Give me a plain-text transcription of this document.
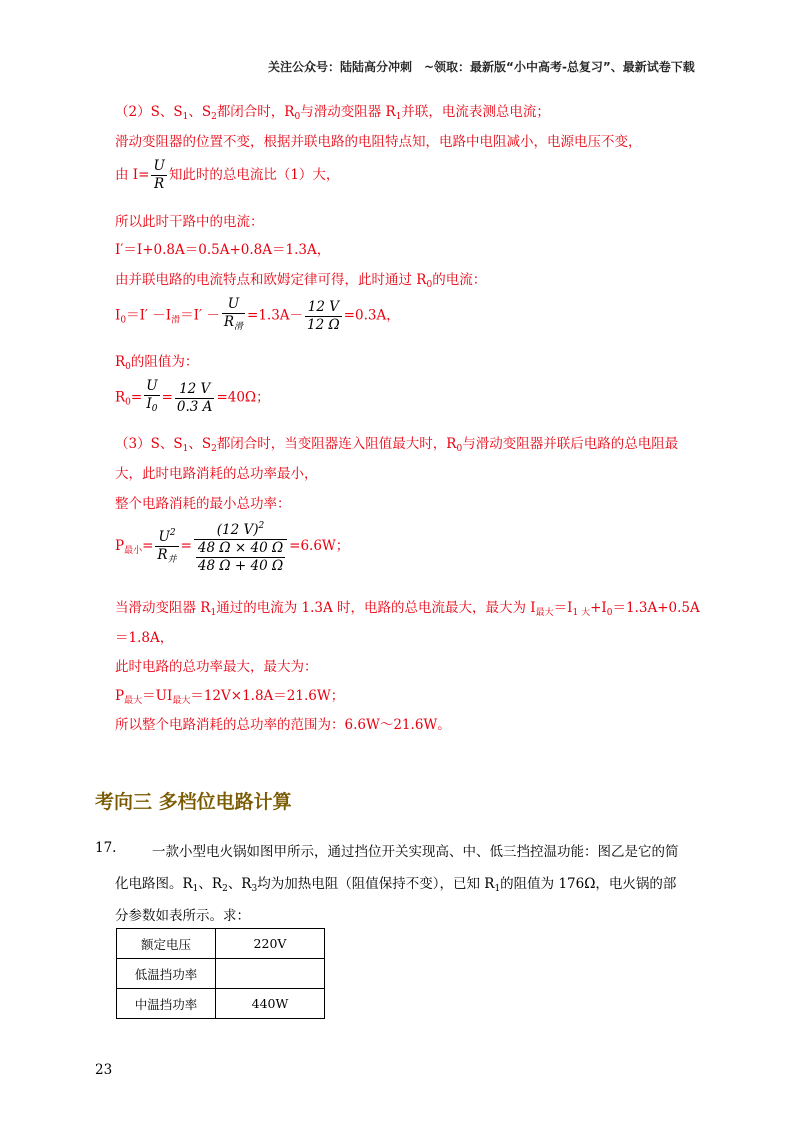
关注公众号：陆陆高分冲刺　~领取：最新版“小中高考-总复习”、最新试卷下载
（2）S、$S_1$、$S_2$都闭合时，$R_0$与滑动变阻器 $R_1$并联，电流表测总电流；
滑动变阻器的位置不变，根据并联电路的电阻特点知，电路中电阻减小，电源电压不变，
由 $I= \frac{U}{R}$ 知此时的总电流比（1）大，
所以此时干路中的电流：
I′＝I+0.8A＝0.5A+0.8A＝1.3A，
由并联电路的电流特点和欧姆定律可得，此时通过 $R_0$的电流：
$I_0=I' -I_滑=I' - \frac{U}{R_滑} =1.3A- \frac{12 V}{12 \Omega} =0.3A$，
$R_0$的阻值为：
$R_0= \frac{U}{I_0} = \frac{12 V}{0.3 A} =40\Omega$；
（3）S、$S_1$、$S_2$都闭合时，当变阻器连入阻值最大时，$R_0$与滑动变阻器并联后电路的总电阻最
大，此时电路消耗的总功率最小，
整个电路消耗的最小总功率：
$P_{最小}= \frac{U^2}{R_并} = \frac{(12 V)^2}{\frac{48 \Omega \times 40 \Omega}{48 \Omega + 40 \Omega}} =6.6W$；
当滑动变阻器 $R_1$通过的电流为 1.3A 时，电路的总电流最大，最大为 $I_{最大}=I_{1 大}+I_0=1.3A+0.5A$
＝1.8A，
此时电路的总功率最大，最大为：
$P_{最大}=UI_{最大}=12V\times 1.8A=21.6W$；
所以整个电路消耗的总功率的范围为：6.6W～21.6W。
考向三 多档位电路计算
17.	一款小型电火锅如图甲所示，通过挡位开关实现高、中、低三挡控温功能：图乙是它的简
化电路图。$R_1$、$R_2$、$R_3$均为加热电阻（阻值保持不变），已知 $R_1$的阻值为 176Ω，电火锅的部
分参数如表所示。求：
额定电压	220V
低温挡功率	
中温挡功率	440W
23
